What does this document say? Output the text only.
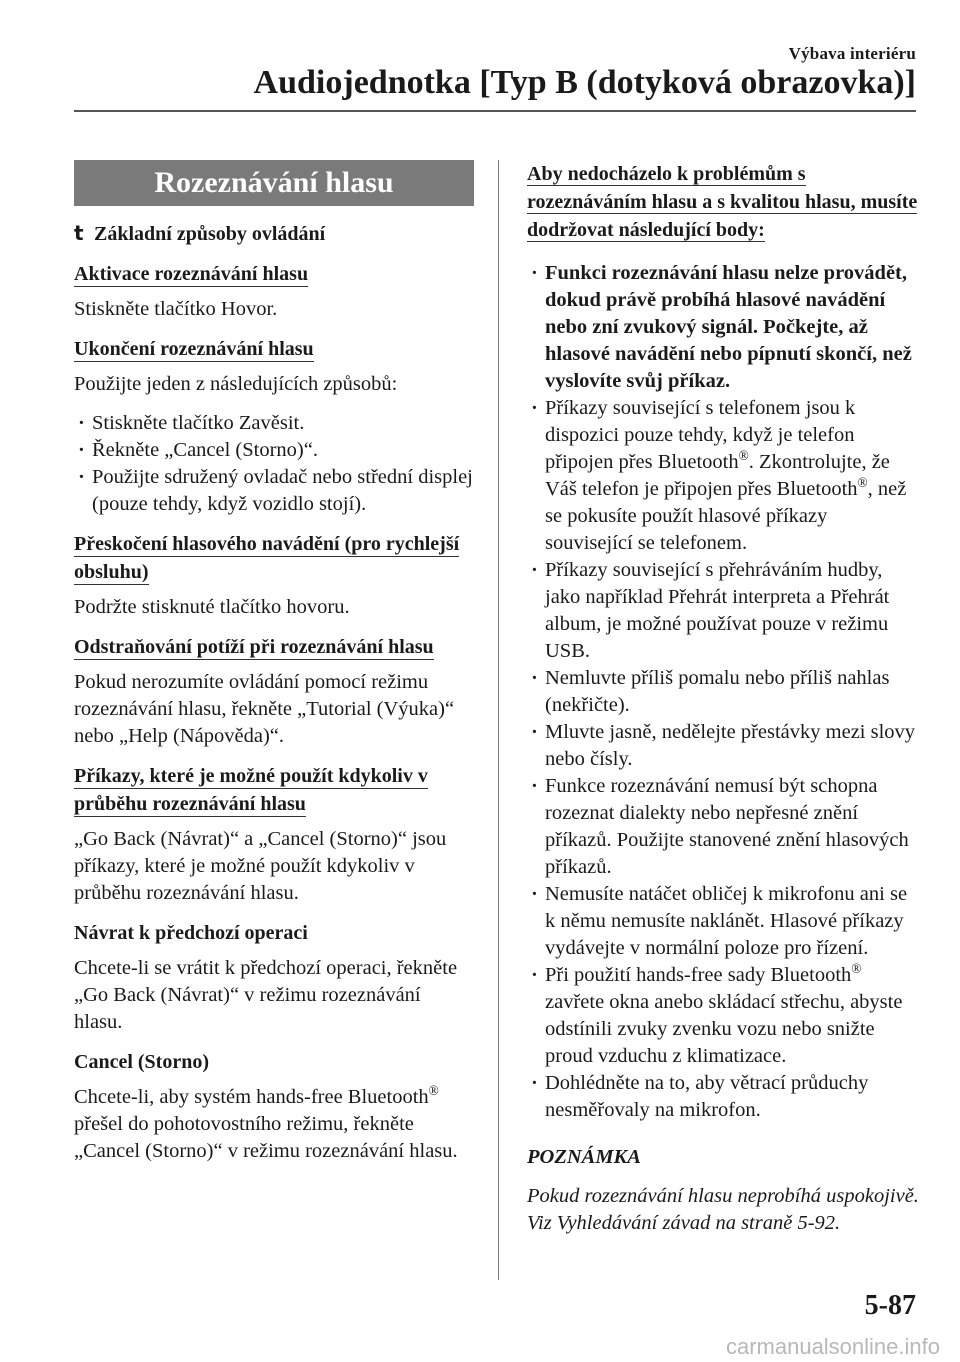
Výbava interiéru
Audiojednotka [Typ B (dotyková obrazovka)]
Rozeznávání hlasu
t Základní způsoby ovládání
Aktivace rozeznávání hlasu

Stiskněte tlačítko Hovor.

Ukončení rozeznávání hlasu

Použijte jeden z následujících způsobů:

· Stiskněte tlačítko Zavěsit.
· Řekněte „Cancel (Storno)“.
· Použijte sdružený ovladač nebo střední displej (pouze tehdy, když vozidlo stojí).
Přeskočení hlasového navádění (pro rychlejší obsluhu)

Podržte stisknuté tlačítko hovoru.

Odstraňování potíží při rozeznávání hlasu

Pokud nerozumíte ovládání pomocí režimu rozeznávání hlasu, řekněte „Tutorial (Výuka)“ nebo „Help (Nápověda)“.

Příkazy, které je možné použít kdykoliv v průběhu rozeznávání hlasu

„Go Back (Návrat)“ a „Cancel (Storno)“ jsou příkazy, které je možné použít kdykoliv v průběhu rozeznávání hlasu.

Návrat k předchozí operaci

Chcete-li se vrátit k předchozí operaci, řekněte „Go Back (Návrat)“ v režimu rozeznávání hlasu.

Cancel (Storno)

Chcete-li, aby systém hands-free Bluetooth® přešel do pohotovostního režimu, řekněte „Cancel (Storno)“ v režimu rozeznávání hlasu.

Aby nedocházelo k problémům s rozeznáváním hlasu a s kvalitou hlasu, musíte dodržovat následující body:
· Funkci rozeznávání hlasu nelze provádět, dokud právě probíhá hlasové navádění nebo zní zvukový signál. Počkejte, až hlasové navádění nebo pípnutí skončí, než vyslovíte svůj příkaz.
· Příkazy související s telefonem jsou k dispozici pouze tehdy, když je telefon připojen přes Bluetooth®. Zkontrolujte, že Váš telefon je připojen přes Bluetooth®, než se pokusíte použít hlasové příkazy související se telefonem.
· Příkazy související s přehráváním hudby, jako například Přehrát interpreta a Přehrát album, je možné používat pouze v režimu USB.
· Nemluvte příliš pomalu nebo příliš nahlas (nekřičte).
· Mluvte jasně, nedělejte přestávky mezi slovy nebo čísly.
· Funkce rozeznávání nemusí být schopna rozeznat dialekty nebo nepřesné znění příkazů. Použijte stanovené znění hlasových příkazů.
· Nemusíte natáčet obličej k mikrofonu ani se k němu nemusíte naklánět. Hlasové příkazy vydávejte v normální poloze pro řízení.
· Při použití hands-free sady Bluetooth® zavřete okna anebo skládací střechu, abyste odstínili zvuky zvenku vozu nebo snižte proud vzduchu z klimatizace.
· Dohlédněte na to, aby větrací průduchy nesměřovaly na mikrofon.

POZNÁMKA

Pokud rozeznávání hlasu neprobíhá uspokojivě.

Viz Vyhledávání závad na straně 5-92.

5-87
carmanualsonline.info
